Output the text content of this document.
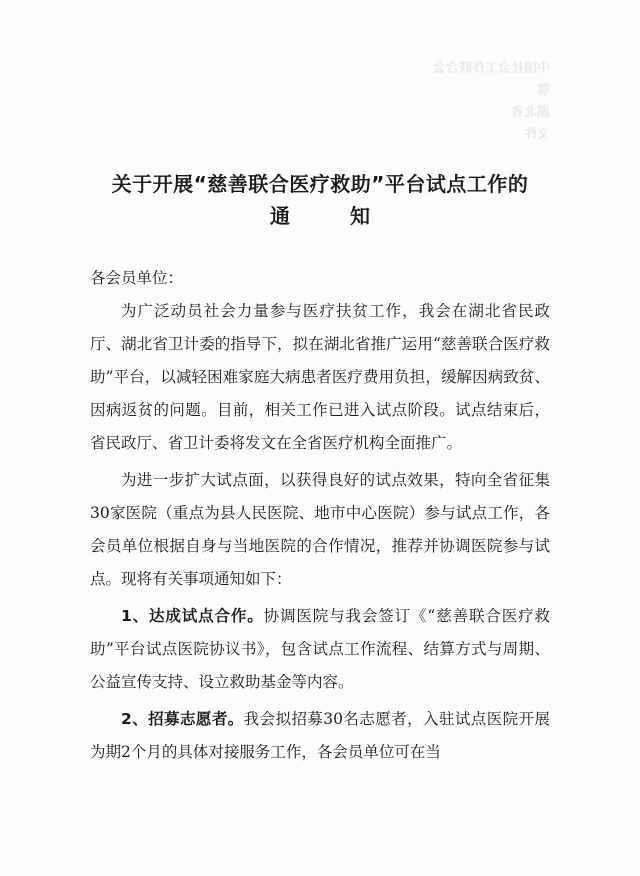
中国社会工作联合会
鄂
湖北省
文件
关于开展“慈善联合医疗救助”平台试点工作的
通知

各会员单位：

为广泛动员社会力量参与医疗扶贫工作，我会在湖北省民政厅、湖北省卫计委的指导下，拟在湖北省推广运用“慈善联合医疗救助”平台，以减轻困难家庭大病患者医疗费用负担，缓解因病致贫、因病返贫的问题。目前，相关工作已进入试点阶段。试点结束后，省民政厅、省卫计委将发文在全省医疗机构全面推广。

为进一步扩大试点面，以获得良好的试点效果，特向全省征集30家医院（重点为县人民医院、地市中心医院）参与试点工作，各会员单位根据自身与当地医院的合作情况，推荐并协调医院参与试点。现将有关事项通知如下：

1、达成试点合作。协调医院与我会签订《“慈善联合医疗救助”平台试点医院协议书》，包含试点工作流程、结算方式与周期、公益宣传支持、设立救助基金等内容。

2、招募志愿者。我会拟招募30名志愿者，入驻试点医院开展为期2个月的具体对接服务工作，各会员单位可在当
